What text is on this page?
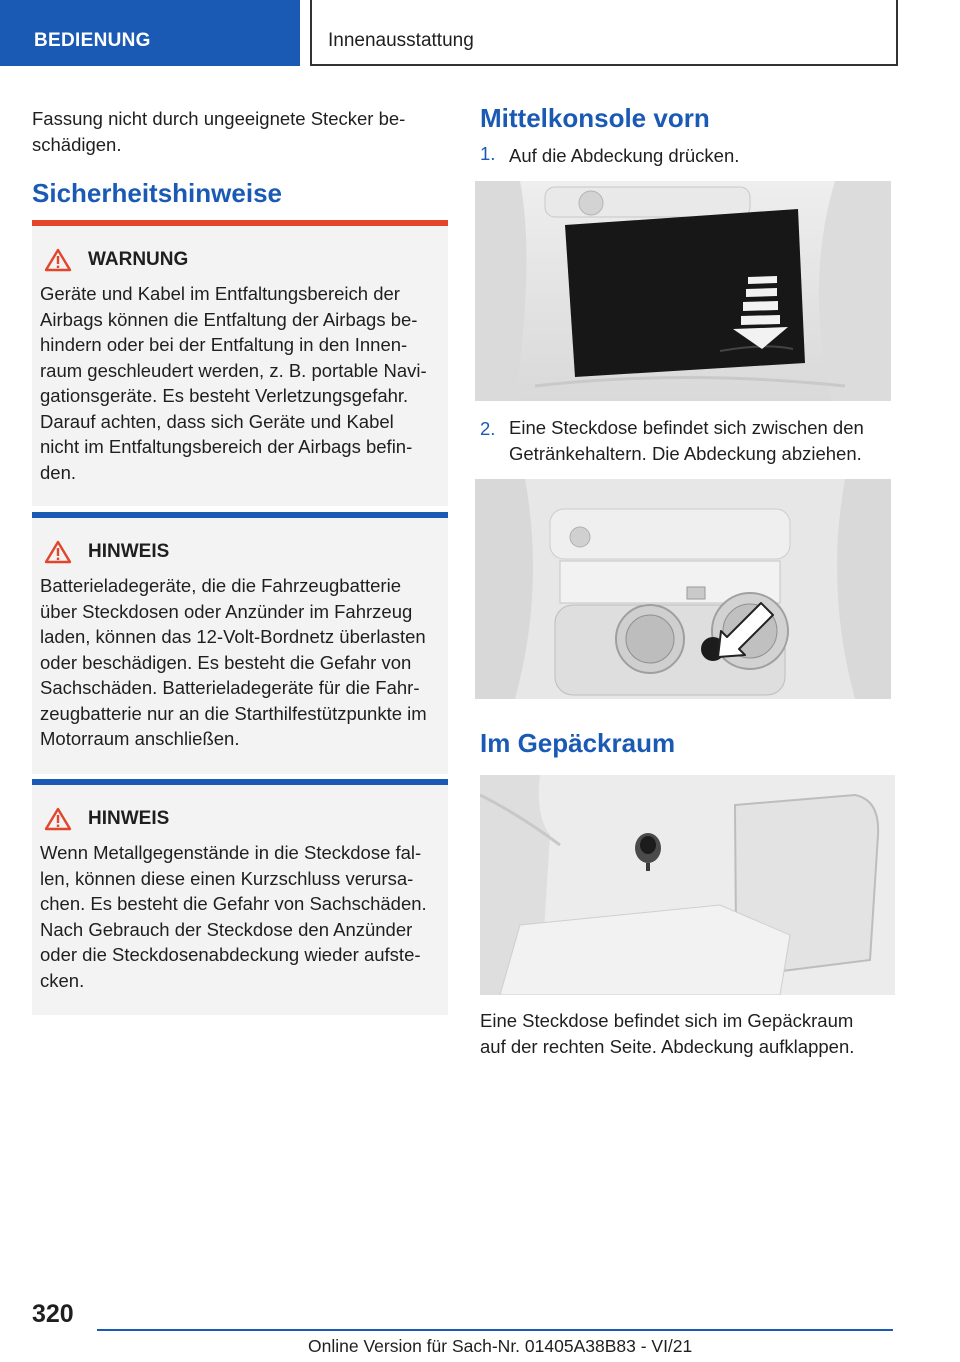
BEDIENUNG	Innenausstattung
Fassung nicht durch ungeeignete Stecker be-
schädigen.
Sicherheitshinweise
WARNUNG
Geräte und Kabel im Entfaltungsbereich der
Airbags können die Entfaltung der Airbags be-
hindern oder bei der Entfaltung in den Innen-
raum geschleudert werden, z. B. portable Navi-
gationsgeräte. Es besteht Verletzungsgefahr.
Darauf achten, dass sich Geräte und Kabel
nicht im Entfaltungsbereich der Airbags befin-
den.
HINWEIS
Batterieladegeräte, die die Fahrzeugbatterie
über Steckdosen oder Anzünder im Fahrzeug
laden, können das 12-Volt-Bordnetz überlasten
oder beschädigen. Es besteht die Gefahr von
Sachschäden. Batterieladegeräte für die Fahr-
zeugbatterie nur an die Starthilfestützpunkte im
Motorraum anschließen.
HINWEIS
Wenn Metallgegenstände in die Steckdose fal-
len, können diese einen Kurzschluss verursa-
chen. Es besteht die Gefahr von Sachschäden.
Nach Gebrauch der Steckdose den Anzünder
oder die Steckdosenabdeckung wieder aufste-
cken.
Mittelkonsole vorn
1. Auf die Abdeckung drücken.
2. Eine Steckdose befindet sich zwischen den
Getränkehaltern. Die Abdeckung abziehen.
Im Gepäckraum
Eine Steckdose befindet sich im Gepäckraum
auf der rechten Seite. Abdeckung aufklappen.
320
Online Version für Sach-Nr. 01405A38B83 - VI/21
